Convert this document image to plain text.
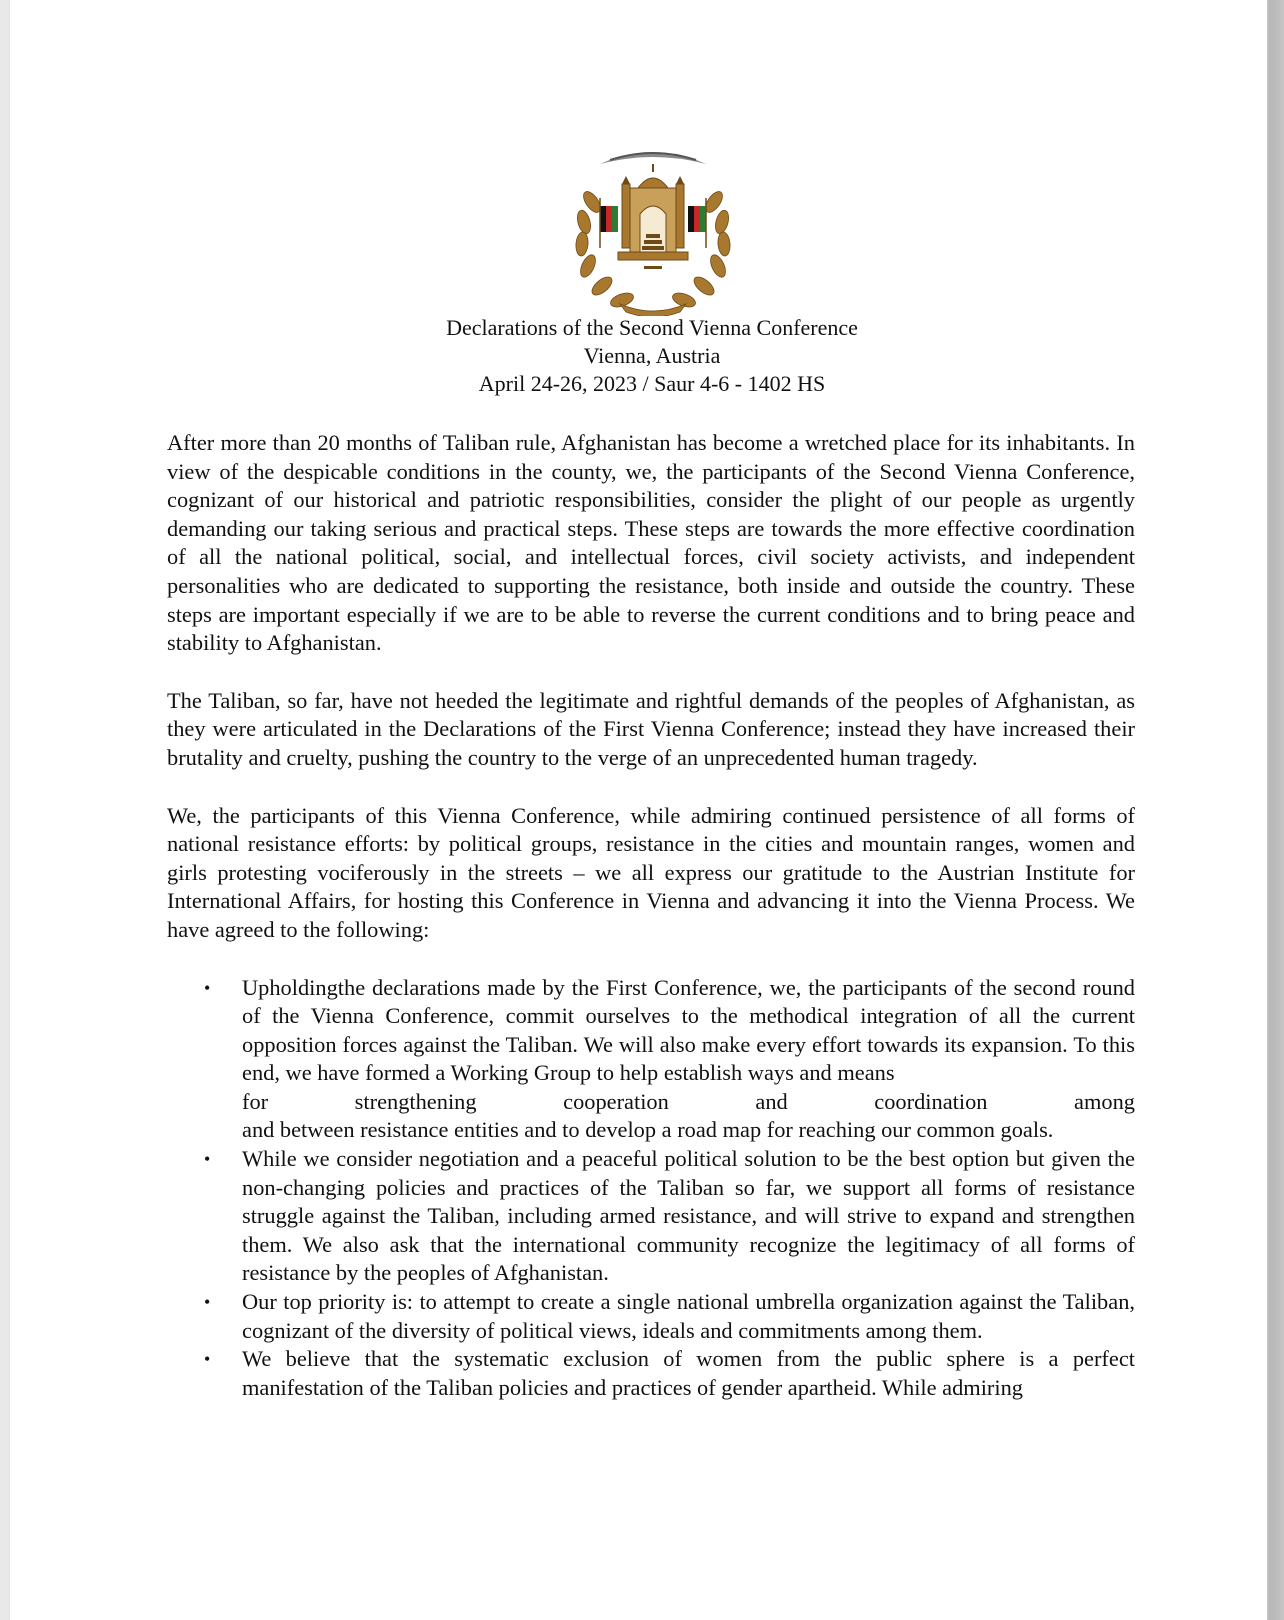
Declarations of the Second Vienna Conference
Vienna, Austria
April 24-26, 2023 / Saur 4-6 - 1402 HS

After more than 20 months of Taliban rule, Afghanistan has become a wretched place for its inhabitants. In view of the despicable conditions in the county, we, the participants of the Second Vienna Conference, cognizant of our historical and patriotic responsibilities, consider the plight of our people as urgently demanding our taking serious and practical steps. These steps are towards the more effective coordination of all the national political, social, and intellectual forces, civil society activists, and independent personalities who are dedicated to supporting the resistance, both inside and outside the country. These steps are important especially if we are to be able to reverse the current conditions and to bring peace and stability to Afghanistan.

The Taliban, so far, have not heeded the legitimate and rightful demands of the peoples of Afghanistan, as they were articulated in the Declarations of the First Vienna Conference; instead they have increased their brutality and cruelty, pushing the country to the verge of an unprecedented human tragedy.

We, the participants of this Vienna Conference, while admiring continued persistence of all forms of national resistance efforts: by political groups, resistance in the cities and mountain ranges, women and girls protesting vociferously in the streets – we all express our gratitude to the Austrian Institute for International Affairs, for hosting this Conference in Vienna and advancing it into the Vienna Process. We have agreed to the following:

• Upholdingthe declarations made by the First Conference, we, the participants of the second round of the Vienna Conference, commit ourselves to the methodical integration of all the current opposition forces against the Taliban. We will also make every effort towards its expansion. To this end, we have formed a Working Group to help establish ways and means
for	strengthening	cooperation	and	coordination	among
and between resistance entities and to develop a road map for reaching our common goals.
• While we consider negotiation and a peaceful political solution to be the best option but given the non-changing policies and practices of the Taliban so far, we support all forms of resistance struggle against the Taliban, including armed resistance, and will strive to expand and strengthen them. We also ask that the international community recognize the legitimacy of all forms of resistance by the peoples of Afghanistan.
• Our top priority is: to attempt to create a single national umbrella organization against the Taliban, cognizant of the diversity of political views, ideals and commitments among them.
• We believe that the systematic exclusion of women from the public sphere is a perfect manifestation of the Taliban policies and practices of gender apartheid. While admiring
